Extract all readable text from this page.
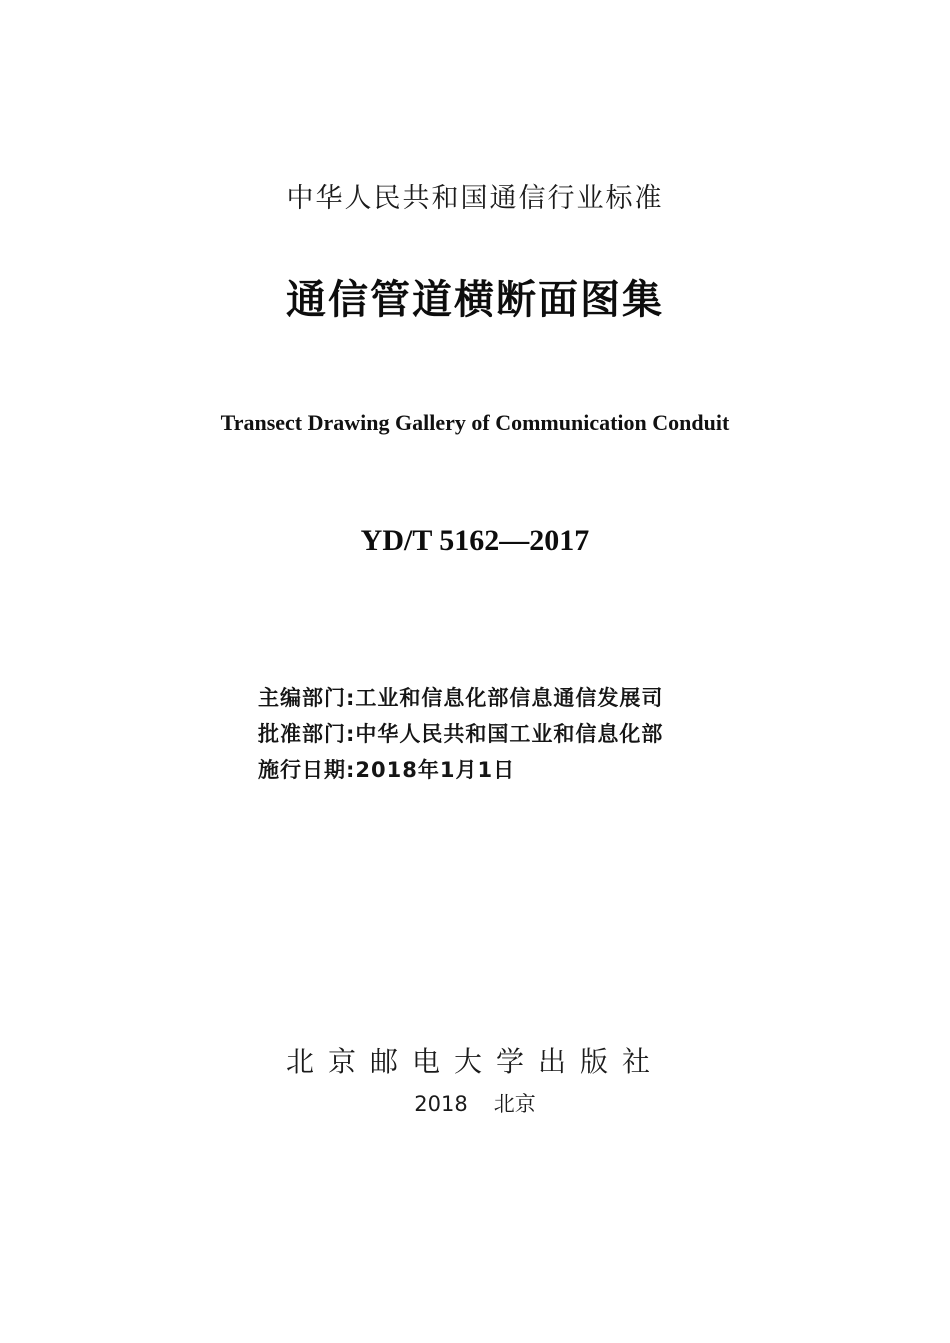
中华人民共和国通信行业标准
通信管道横断面图集
Transect Drawing Gallery of Communication Conduit
YD/T 5162—2017
主编部门:工业和信息化部信息通信发展司
批准部门:中华人民共和国工业和信息化部
施行日期:2018年1月1日
北京邮电大学出版社
2018 北京
